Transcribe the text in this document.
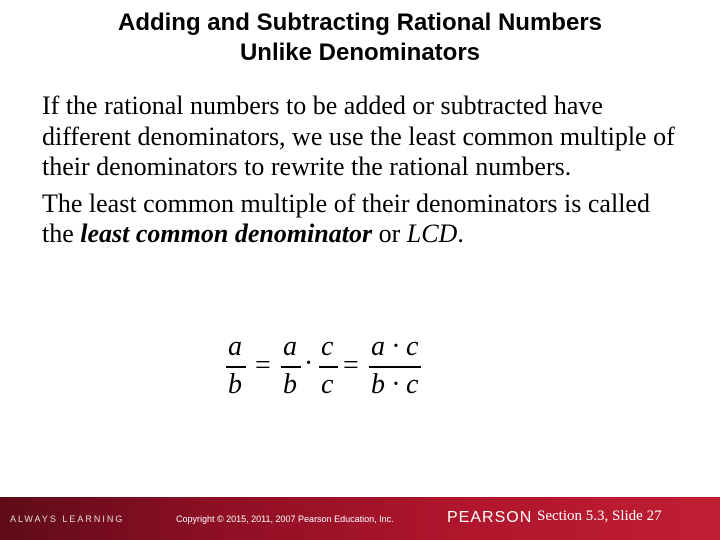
Adding and Subtracting Rational Numbers
Unlike Denominators

If the rational numbers to be added or subtracted have different denominators, we use the least common multiple of their denominators to rewrite the rational numbers.

The least common multiple of their denominators is called the least common denominator or LCD.

a
b
=
a
b
·
c
c
=
a · c
b · c
ALWAYS LEARNING	Copyright © 2015, 2011, 2007 Pearson Education, Inc.	PEARSON Section 5.3, Slide 27
